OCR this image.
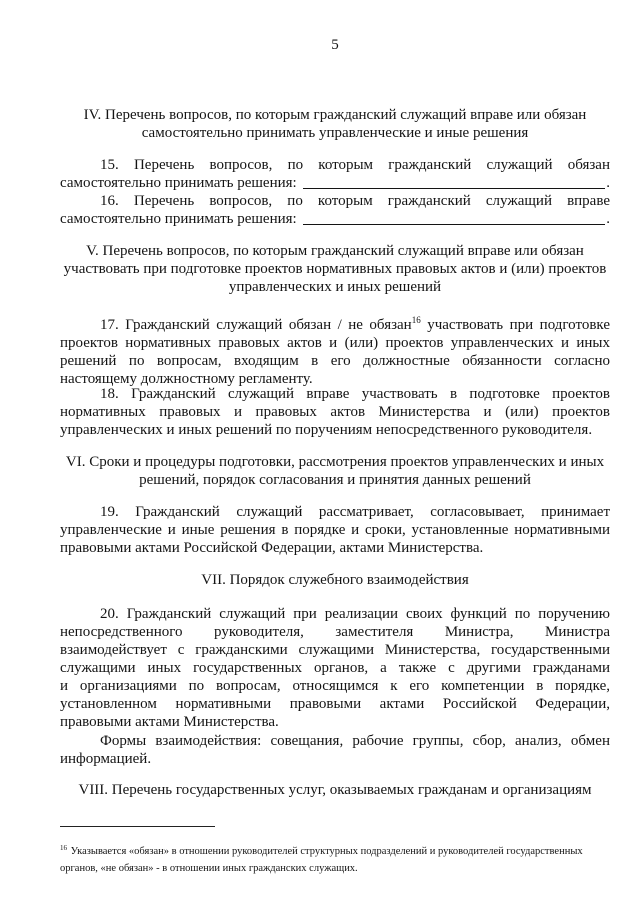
5
IV. Перечень вопросов, по которым гражданский служащий вправе или обязан
самостоятельно принимать управленческие и иные решения
15. Перечень вопросов, по которым гражданский служащий обязан
самостоятельно принимать решения:	.
16. Перечень вопросов, по которым гражданский служащий вправе
самостоятельно принимать решения:	.
V. Перечень вопросов, по которым гражданский служащий вправе или обязан
участвовать при подготовке проектов нормативных правовых актов и (или) проектов
управленческих и иных решений
17. Гражданский служащий обязан / не обязан$^{16}$ участвовать при подготовке
проектов нормативных правовых актов и (или) проектов управленческих и иных
решений по вопросам, входящим в его должностные обязанности согласно
настоящему должностному регламенту.
18. Гражданский служащий вправе участвовать в подготовке проектов
нормативных правовых и правовых актов Министерства и (или) проектов
управленческих и иных решений по поручениям непосредственного руководителя.
VI. Сроки и процедуры подготовки, рассмотрения проектов управленческих и иных
решений, порядок согласования и принятия данных решений
19. Гражданский служащий рассматривает, согласовывает, принимает
управленческие и иные решения в порядке и сроки, установленные нормативными
правовыми актами Российской Федерации, актами Министерства.
VII. Порядок служебного взаимодействия
20. Гражданский служащий при реализации своих функций по поручению
непосредственного руководителя, заместителя Министра, Министра
взаимодействует с гражданскими служащими Министерства, государственными
служащими иных государственных органов, а также с другими гражданами
и организациями по вопросам, относящимся к его компетенции в порядке,
установленном нормативными правовыми актами Российской Федерации,
правовыми актами Министерства.
Формы взаимодействия: совещания, рабочие группы, сбор, анализ, обмен
информацией.
VIII. Перечень государственных услуг, оказываемых гражданам и организациям
$^{16}$ Указывается «обязан» в отношении руководителей структурных подразделений и руководителей государственных
органов, «не обязан» - в отношении иных гражданских служащих.
